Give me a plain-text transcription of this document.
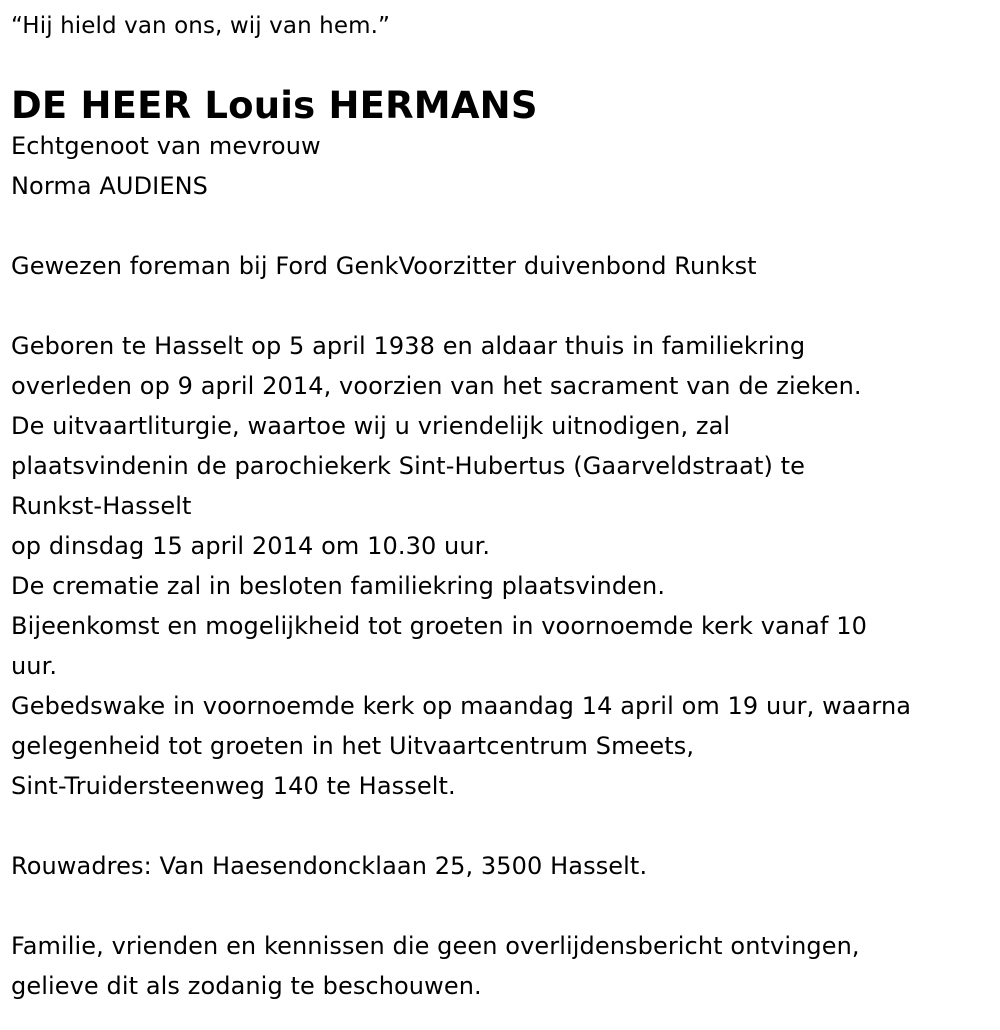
“Hij hield van ons, wij van hem.”
DE HEER Louis HERMANS
Echtgenoot van mevrouw
Norma AUDIENS
Gewezen foreman bij Ford GenkVoorzitter duivenbond Runkst
Geboren te Hasselt op 5 april 1938 en aldaar thuis in familiekring
overleden op 9 april 2014, voorzien van het sacrament van de zieken.
De uitvaartliturgie, waartoe wij u vriendelijk uitnodigen, zal
plaatsvindenin de parochiekerk Sint-Hubertus (Gaarveldstraat) te
Runkst-Hasselt
op dinsdag 15 april 2014 om 10.30 uur.
De crematie zal in besloten familiekring plaatsvinden.
Bijeenkomst en mogelijkheid tot groeten in voornoemde kerk vanaf 10
uur.
Gebedswake in voornoemde kerk op maandag 14 april om 19 uur, waarna
gelegenheid tot groeten in het Uitvaartcentrum Smeets,
Sint-Truidersteenweg 140 te Hasselt.
Rouwadres: Van Haesendoncklaan 25, 3500 Hasselt.
Familie, vrienden en kennissen die geen overlijdensbericht ontvingen,
gelieve dit als zodanig te beschouwen.
